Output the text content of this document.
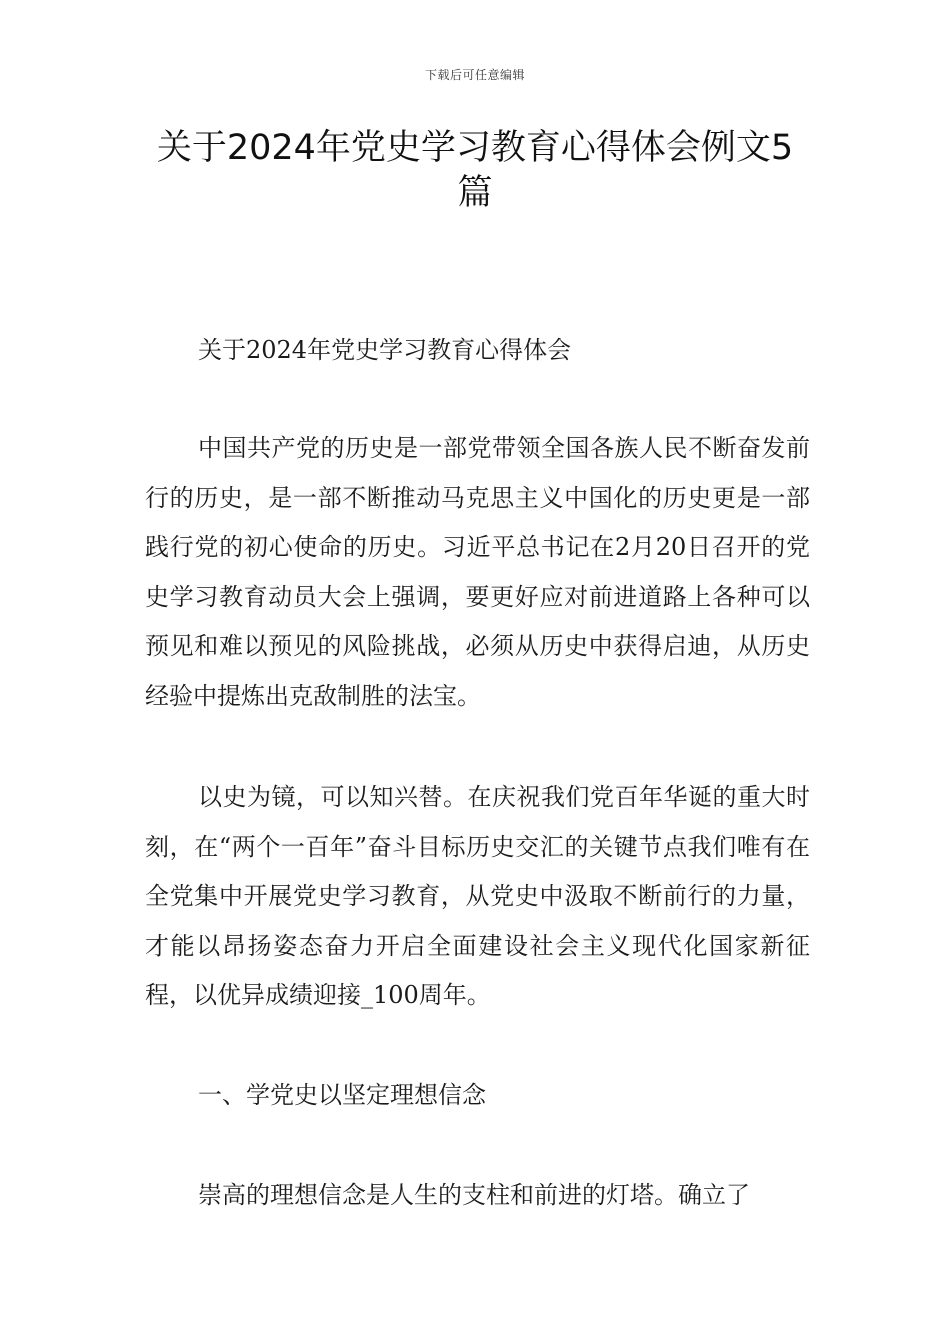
下载后可任意编辑
关于2024年党史学习教育心得体会例文5篇

关于2024年党史学习教育心得体会

中国共产党的历史是一部党带领全国各族人民不断奋发前行的历史，是一部不断推动马克思主义中国化的历史更是一部践行党的初心使命的历史。习近平总书记在2月20日召开的党史学习教育动员大会上强调，要更好应对前进道路上各种可以预见和难以预见的风险挑战，必须从历史中获得启迪，从历史经验中提炼出克敌制胜的法宝。

以史为镜，可以知兴替。在庆祝我们党百年华诞的重大时刻，在“两个一百年”奋斗目标历史交汇的关键节点我们唯有在全党集中开展党史学习教育，从党史中汲取不断前行的力量，才能以昂扬姿态奋力开启全面建设社会主义现代化国家新征程，以优异成绩迎接_100周年。

一、学党史以坚定理想信念

崇高的理想信念是人生的支柱和前进的灯塔。确立了
